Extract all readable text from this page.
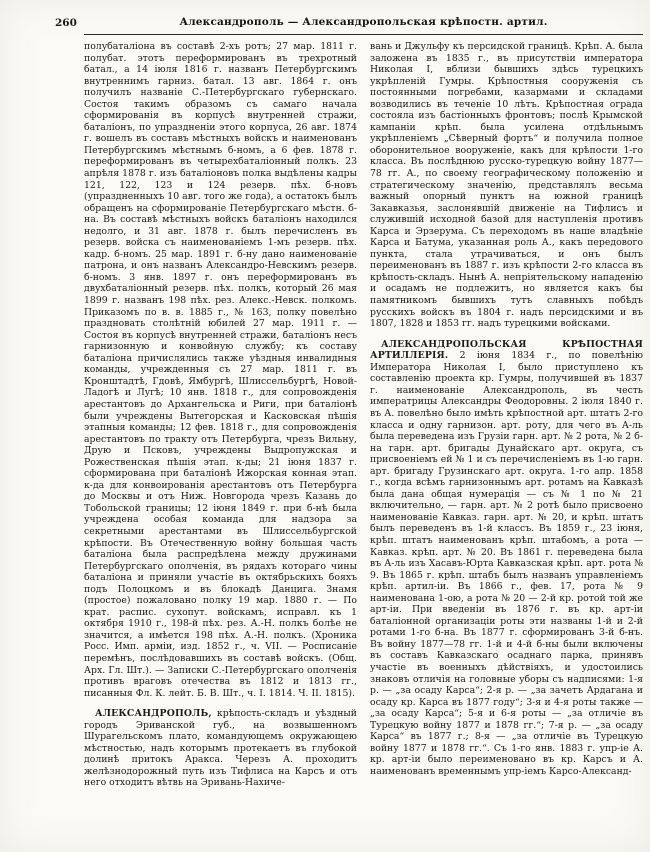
260	Александрополь — Александропольская крѣпостн. артил.

полубаталіона въ составѣ 2-хъ ротъ; 27 мар. 1811 г. полубат. этотъ переформированъ въ трехротный батал., а 14 іюля 1816 г. названъ Петербургскимъ внутреннимъ гарниз. батал. 13 авг. 1864 г. онъ получилъ названіе С.-Петербургскаго губернскаго. Состоя такимъ образомъ съ самаго начала сформированія въ корпусѣ внутренней стражи, баталіонъ, по упраздненіи этого корпуса, 26 авг. 1874 г. вошелъ въ составъ мѣстныхъ войскъ и наименованъ Петербургскимъ мѣстнымъ б-номъ, а 6 фев. 1878 г. переформированъ въ четырехбаталіонный полкъ. 23 апрѣля 1878 г. изъ баталіоновъ полка выдѣлены кадры 121, 122, 123 и 124 резерв. пѣх. б-новъ (упраздненныхъ 10 авг. того же года), а остатокъ былъ обращенъ на сформированіе Петербургскаго мѣстн. б-на. Въ составѣ мѣстныхъ войскъ баталіонъ находился недолго, и 31 авг. 1878 г. былъ перечисленъ въ резерв. войска съ наименованіемъ 1-мъ резерв. пѣх. кадр. б-номъ. 25 мар. 1891 г. б-ну дано наименованіе патрона, и онъ названъ Александро-Невскимъ резерв. б-номъ. 3 янв. 1897 г. онъ переформированъ въ двухбаталіонный резерв. пѣх. полкъ, который 26 мая 1899 г. названъ 198 пѣх. рез. Алекс.-Невск. полкомъ. Приказомъ по в. в. 1885 г., № 163, полку повелѣно праздновать столѣтній юбилей 27 мар. 1911 г. — Состоя въ корпусѣ внутренней стражи, баталіонъ несъ гарнизонную и конвойную службу; къ составу баталіона причислялись также уѣздныя инвалидныя команды, учрежденныя съ 27 мар. 1811 г. въ Кронштадтѣ, Гдовѣ, Ямбургѣ, Шлиссельбургѣ, Новой-Ладогѣ и Лугѣ; 10 янв. 1818 г., для сопровожденія арестантовъ до Архангельска и Риги, при баталіонѣ были учреждены Вытегорская и Касковская пѣшія этапныя команды; 12 фев. 1818 г., для сопровожденія арестантовъ по тракту отъ Петербурга, чрезъ Вильну, Друю и Псковъ, учреждены Выдропужская и Рожественская пѣшія этап. к-ды; 21 іюня 1837 г. сформирована при баталіонѣ Ижорская конная этап. к-да для конвоированія арестантовъ отъ Петербурга до Москвы и отъ Ниж. Новгорода чрезъ Казань до Тобольской границы; 12 іюня 1849 г. при б-нѣ была учреждена особая команда для надзора за секретными арестантами въ Шлиссельбургской крѣпости. Въ Отечественную войну большая часть баталіона была распредѣлена между дружинами Петербургскаго ополченія, въ рядахъ котораго чины баталіона и приняли участіе въ октябрьскихъ бояхъ подъ Полоцкомъ и въ блокадѣ Данцига. Знамя (простое) пожаловано полку 19 мар. 1880 г. — По крат. распис. сухопут. войскамъ, исправл. къ 1 октября 1910 г., 198-й пѣх. рез. А.-Н. полкъ болѣе не значится, а имѣется 198 пѣх. А.-Н. полкъ. (Хроника Росс. Имп. арміи, изд. 1852 г., ч. VII. — Росписаніе перемѣнъ, послѣдовавшихъ въ составѣ войскъ. (Общ. Арх. Гл. Шт.). — Записки С.-Петербургскаго ополченія противъ враговъ отечества въ 1812 и 1813 гг., писанныя Фл. К. лейт. Б. В. Шт., ч. I. 1814. Ч. II. 1815).

АЛЕКСАНДРОПОЛЬ, крѣпость-складъ и уѣздный городъ Эриванской губ., на возвышенномъ Шурагельскомъ плато, командующемъ окружающею мѣстностью, надъ которымъ протекаетъ въ глубокой долинѣ притокъ Аракса. Черезъ А. проходитъ желѣзнодорожный путь изъ Тифлиса на Карсъ и отъ него отходитъ вѣтвь на Эривань-Нахиче-

вань и Джульфу къ персидской границѣ. Крѣп. А. была заложена въ 1835 г., въ присутствіи императора Николая I, вблизи бывшихъ здѣсь турецкихъ укрѣпленій Гумры. Крѣпостныя сооруженія съ постоянными погребами, казармами и складами возводились въ теченіе 10 лѣтъ. Крѣпостная ограда состояла изъ бастіонныхъ фронтовъ; послѣ Крымской кампаніи крѣп. была усилена отдѣльнымъ укрѣпленіемъ „Сѣверный фортъ“ и получила полное оборонительное вооруженіе, какъ для крѣпости 1-го класса. Въ послѣднюю русско-турецкую войну 1877—78 гг. А., по своему географическому положенію и стратегическому значенію, представлялъ весьма важный опорный пунктъ на южной границѣ Закавказья, заслонявшій движеніе на Тифлисъ и служившій исходной базой для наступленія противъ Карса и Эрзерума. Съ переходомъ въ наше владѣніе Карса и Батума, указанная роль А., какъ передового пункта, стала утрачиваться, и онъ былъ переименованъ въ 1887 г. изъ крѣпости 2-го класса въ крѣпость-складъ. Нынѣ А. непріятельскому нападенію и осадамъ не подлежитъ, но является какъ бы памятникомъ бывшихъ тутъ славныхъ побѣдъ русскихъ войскъ въ 1804 г. надъ персидскими и въ 1807, 1828 и 1853 гг. надъ турецкими войсками.

АЛЕКСАНДРОПОЛЬСКАЯ КРѢПОСТНАЯ АРТИЛЛЕРІЯ. 2 іюня 1834 г., по повелѣнію Императора Николая I, было приступлено къ составленію проекта кр. Гумры, получившей въ 1837 г. наименованіе Александрополь, въ честь императрицы Александры Феодоровны. 2 іюля 1840 г. въ А. повелѣно было имѣть крѣпостной арт. штатъ 2-го класса и одну гарнизон. арт. роту, для чего въ А-ль была переведена изъ Грузіи гарн. арт. № 2 рота, № 2 б-на гарн. арт. бригады Дунайскаго арт. округа, съ присвоеніемъ ей № 1 и съ перечисленіемъ въ 1-ю гарн. арт. бригаду Грузинскаго арт. округа. 1-го апр. 1858 г., когда всѣмъ гарнизоннымъ арт. ротамъ на Кавказѣ была дана общая нумерація — съ № 1 по № 21 включительно, — гарн. арт. № 2 ротѣ было присвоено наименованіе Кавказ. гарн. арт. № 20, и крѣп. штатъ былъ переведенъ въ 1-й классъ. Въ 1859 г., 23 іюня, крѣп. штатъ наименованъ крѣп. штабомъ, а рота — Кавказ. крѣп. арт. № 20. Въ 1861 г. переведена была въ А-ль изъ Хасавъ-Юрта Кавказская крѣп. арт. рота № 9. Въ 1865 г. крѣп. штабъ былъ названъ управленіемъ крѣп. артил-іи. Въ 1866 г., фев. 17, рота № 9 наименована 1-ою, а рота № 20 — 2-й кр. ротой той же арт-іи. При введеніи въ 1876 г. въ кр. арт-іи баталіонной организаціи роты эти названы 1-й и 2-й ротами 1-го б-на. Въ 1877 г. сформированъ 3-й б-нъ. Въ войну 1877—78 гг. 1-й и 4-й б-ны были включены въ составъ Кавказскаго осаднаго парка, принявъ участіе въ военныхъ дѣйствіяхъ, и удостоились знаковъ отличія на головные уборы съ надписями: 1-я р. — „за осаду Карса“; 2-я р. — „за зачетъ Ардагана и осаду кр. Карса въ 1877 году“; 3-я и 4-я роты также — „за осаду Карса“; 5-я и 6-я роты — „за отличіе въ Турецкую войну 1877 и 1878 гг.“; 7-я р. — „за осаду Карса“ въ 1877 г.; 8-я — „за отличіе въ Турецкую войну 1877 и 1878 гг.“. Съ 1-го янв. 1883 г. упр-іе А. кр. арт-іи было переименовано въ кр. Карсъ и А. наименованъ временнымъ упр-іемъ Карсо-Александ-
